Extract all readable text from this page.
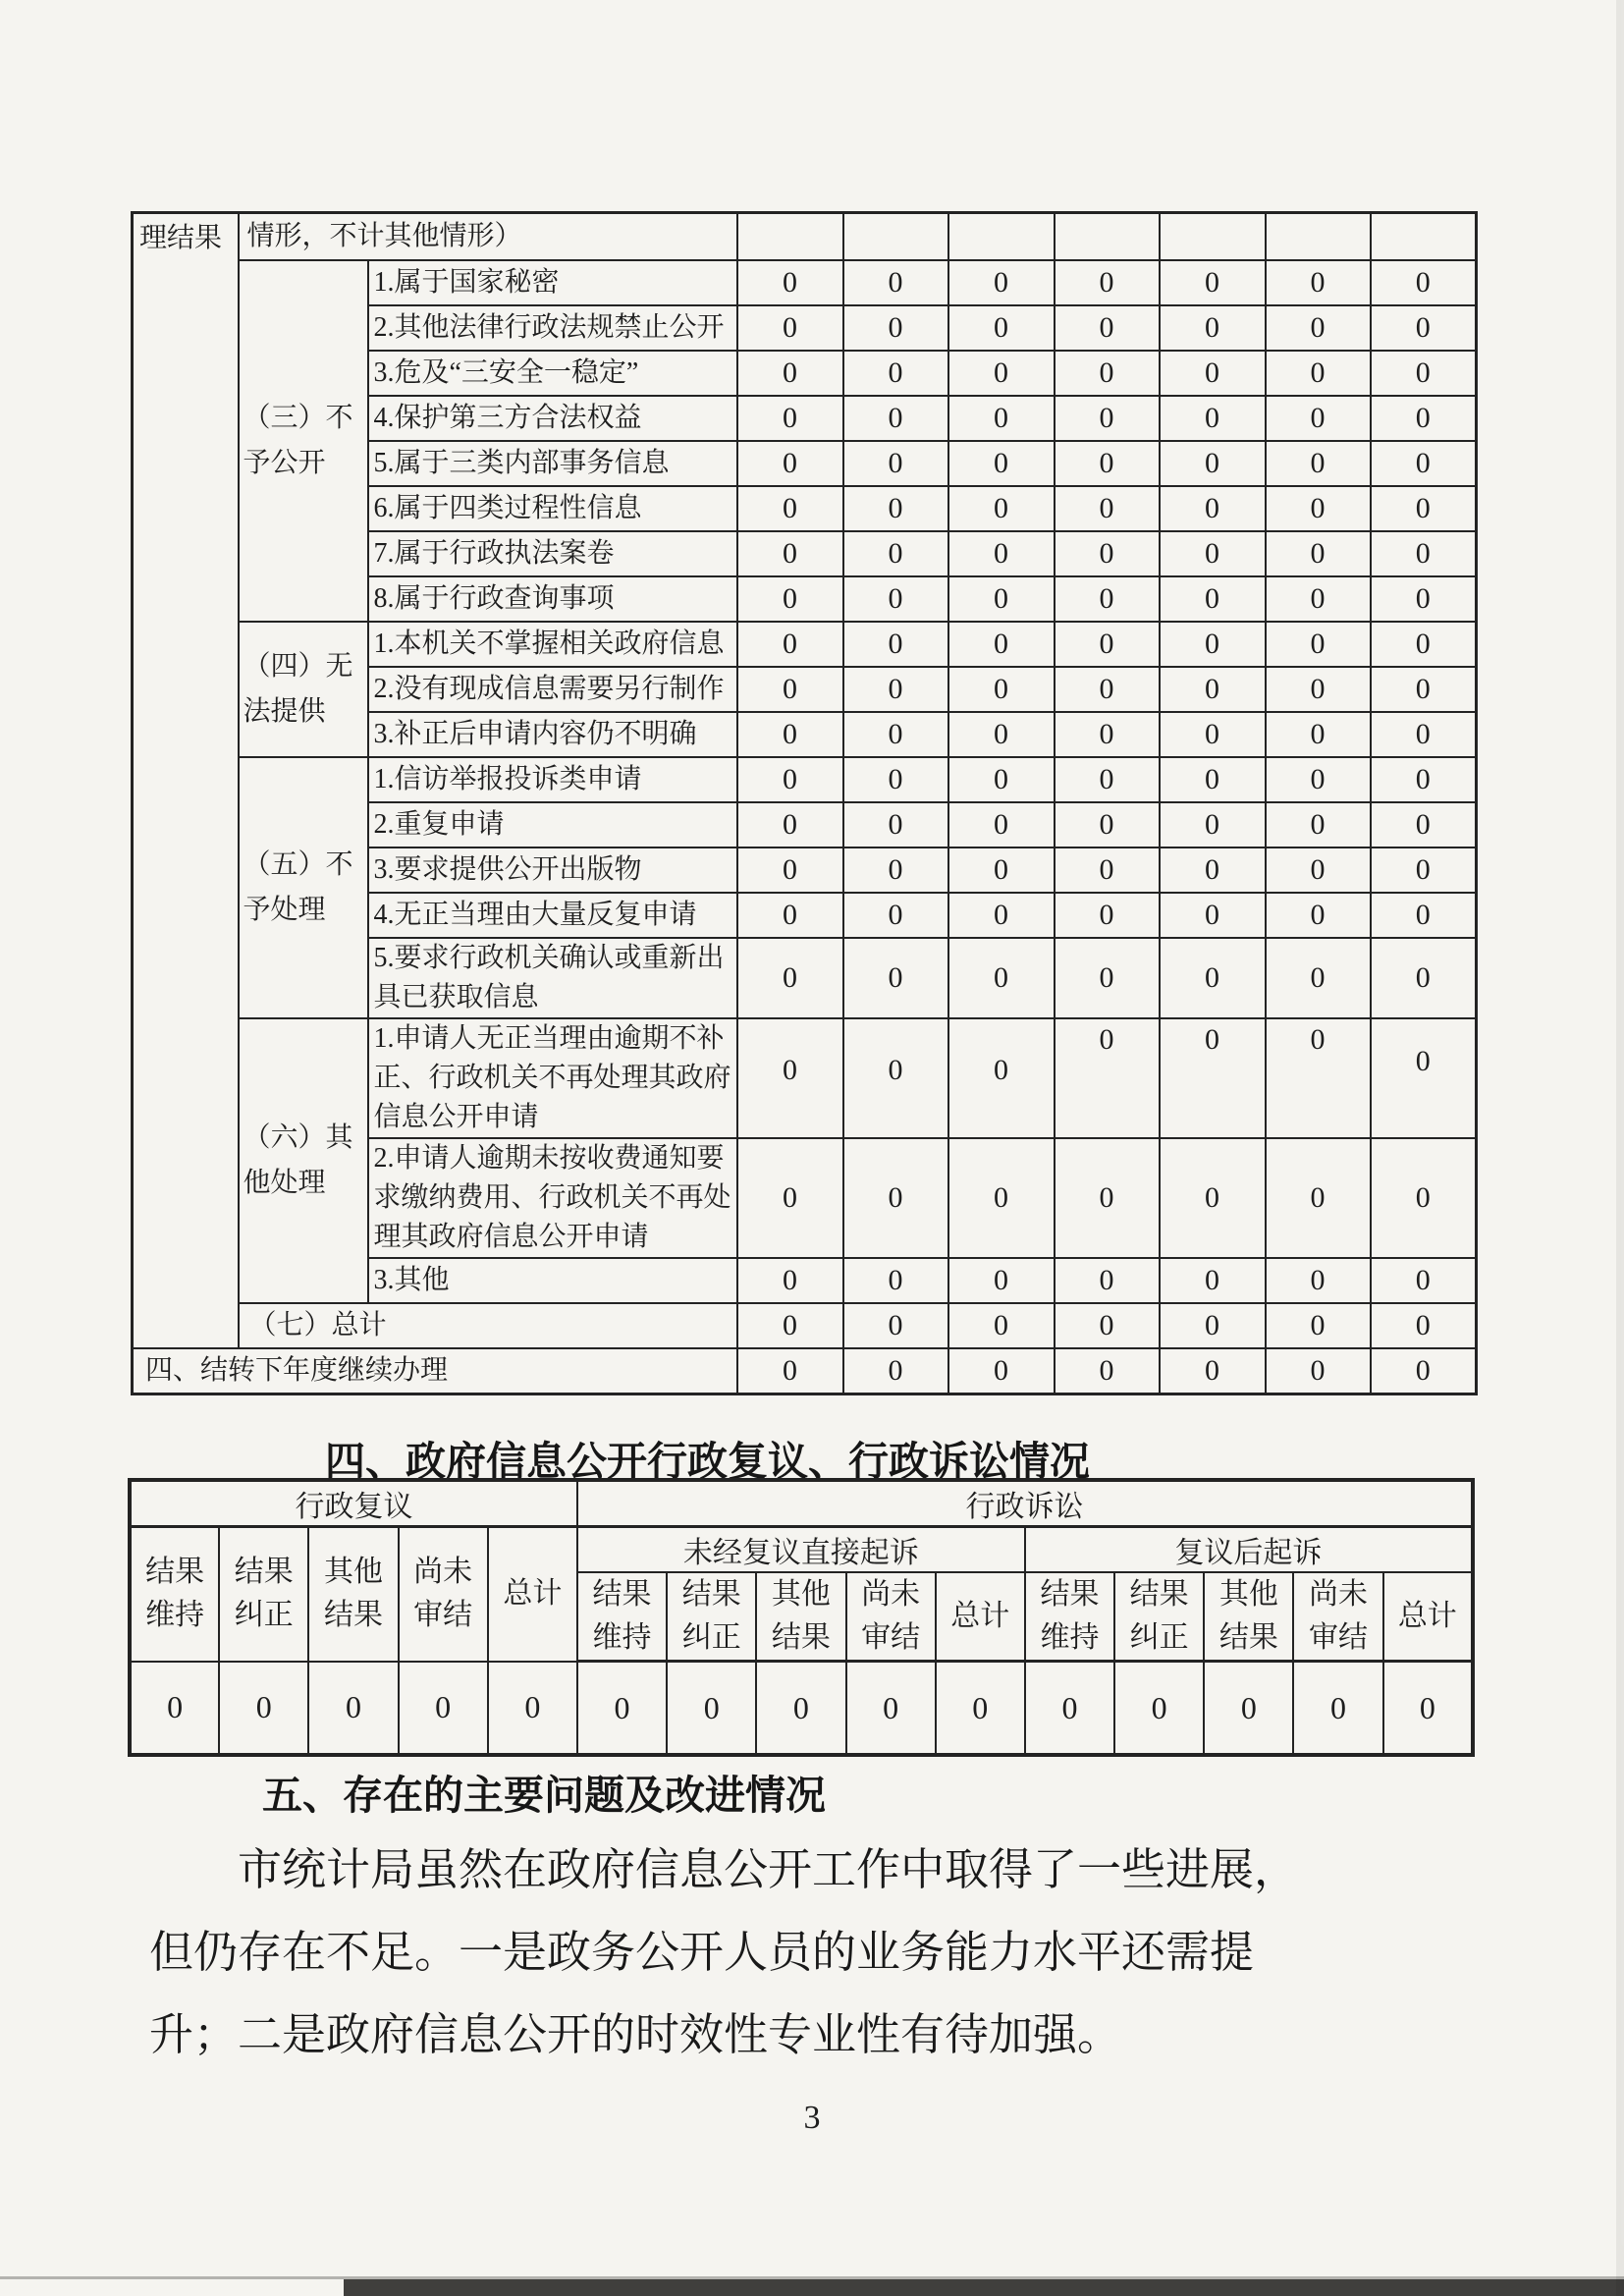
理结果	情形，不计其他情形）								
	（三）不予公开	1.属于国家秘密	0	0	0	0	0	0	0
		2.其他法律行政法规禁止公开	0	0	0	0	0	0	0
		3.危及“三安全一稳定”	0	0	0	0	0	0	0
		4.保护第三方合法权益	0	0	0	0	0	0	0
		5.属于三类内部事务信息	0	0	0	0	0	0	0
		6.属于四类过程性信息	0	0	0	0	0	0	0
		7.属于行政执法案卷	0	0	0	0	0	0	0
		8.属于行政查询事项	0	0	0	0	0	0	0
	（四）无法提供	1.本机关不掌握相关政府信息	0	0	0	0	0	0	0
		2.没有现成信息需要另行制作	0	0	0	0	0	0	0
		3.补正后申请内容仍不明确	0	0	0	0	0	0	0
	（五）不予处理	1.信访举报投诉类申请	0	0	0	0	0	0	0
		2.重复申请	0	0	0	0	0	0	0
		3.要求提供公开出版物	0	0	0	0	0	0	0
		4.无正当理由大量反复申请	0	0	0	0	0	0	0
		5.要求行政机关确认或重新出具已获取信息	0	0	0	0	0	0	0
	（六）其他处理	1.申请人无正当理由逾期不补正、行政机关不再处理其政府信息公开申请	0	0	0	0	0	0	0
		2.申请人逾期未按收费通知要求缴纳费用、行政机关不再处理其政府信息公开申请	0	0	0	0	0	0	0
		3.其他	0	0	0	0	0	0	0
	（七）总计		0	0	0	0	0	0	0
四、结转下年度继续办理			0	0	0	0	0	0	0
四、政府信息公开行政复议、行政诉讼情况
行政复议					行政诉讼									

结果维持	结果纠正	其他结果	尚未审结	总计	未经复议直接起诉					复议后起诉				

					结果维持	结果纠正	其他结果	尚未审结	总计	结果维持	结果纠正	其他结果	尚未审结	总计

0	0	0	0	0	0	0	0	0	0	0	0	0	0	0
五、存在的主要问题及改进情况

市统计局虽然在政府信息公开工作中取得了一些进展，

但仍存在不足。一是政务公开人员的业务能力水平还需提

升；二是政府信息公开的时效性专业性有待加强。

3
